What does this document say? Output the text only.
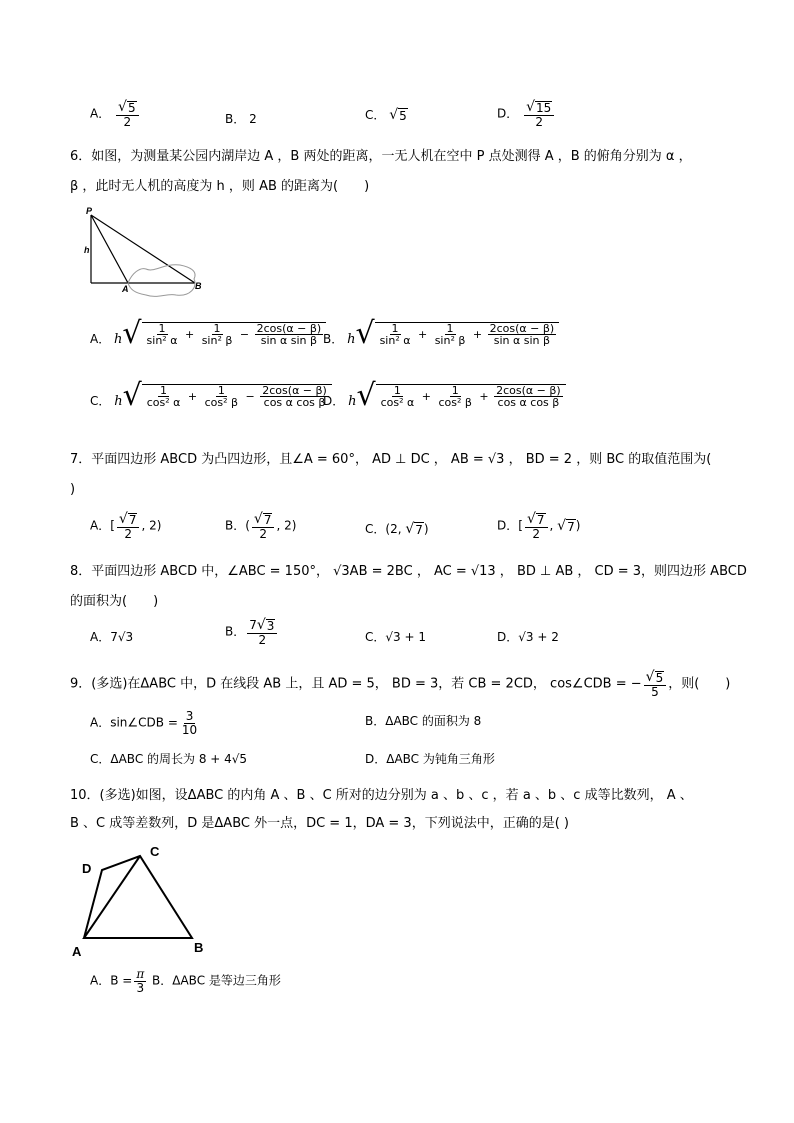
A． $\frac{√ 5}{2}$	B． 2	C． √ 5	D． $\frac{√ 15}{2}$
6．如图，为测量某公园内湖岸边 A ，B 两处的距离，一无人机在空中 P 点处测得 A ，B 的俯角分别为 α ，
β ，此时无人机的高度为 h ，则 AB 的距离为(　　)
P
h
A	B
A． h √ $\frac{1}{\text{sin² α}} + \frac{1}{\text{sin² β}} - \frac{2\cos(\alpha - \beta)}{\text{sin α sin β}}$ B． h √ $\frac{1}{\text{sin² α}} + \frac{1}{\text{sin² β}} + \frac{2\cos(\alpha - \beta)}{\text{sin α sin β}}$
C． h √ $\frac{1}{\text{cos² α}} + \frac{1}{\text{cos² β}} - \frac{2\cos(\alpha - \beta)}{\text{cos α cos β}}$
D． h √ $\frac{1}{\text{cos² α}} + \frac{1}{\text{cos² β}} + \frac{2\cos(\alpha - \beta)}{\text{cos α cos β}}$
7．平面四边形 ABCD 为凸四边形，且∠A = 60°， AD ⊥ DC ， AB = √3 ， BD = 2 ，则 BC 的取值范围为(
)
A．[ $\frac{√ 7}{2}$ , 2)	B．( $\frac{√ 7}{2}$ , 2)	C．(2, √ 7 )	D．[ $\frac{√ 7}{2}$ , √ 7 )
8．平面四边形 ABCD 中，∠ABC = 150°， √3AB = 2BC ， AC = √13 ， BD ⊥ AB ， CD = 3，则四边形 ABCD
的面积为(　　)
A．7√3	B． $\frac{7 √ 3}{2}$	C．√3 + 1	D．√3 + 2
9．(多选)在ΔABC 中，D 在线段 AB 上，且 AD = 5， BD = 3，若 CB = 2CD， cos∠CDB = − $\frac{√ 5}{5}$ ，则(　　)
A．sin∠CDB = $\frac{3}{10}$	B．ΔABC 的面积为 8
C．ΔABC 的周长为 8 + 4√5	D．ΔABC 为钝角三角形
10．(多选)如图，设ΔABC 的内角 A 、B 、C 所对的边分别为 a 、b 、c ，若 a 、b 、c 成等比数列， A 、
B 、C 成等差数列，D 是ΔABC 外一点，DC = 1，DA = 3，下列说法中，正确的是( )
D
C
A	B
A．$B = \frac{\pi}{3}$ B．ΔABC 是等边三角形
